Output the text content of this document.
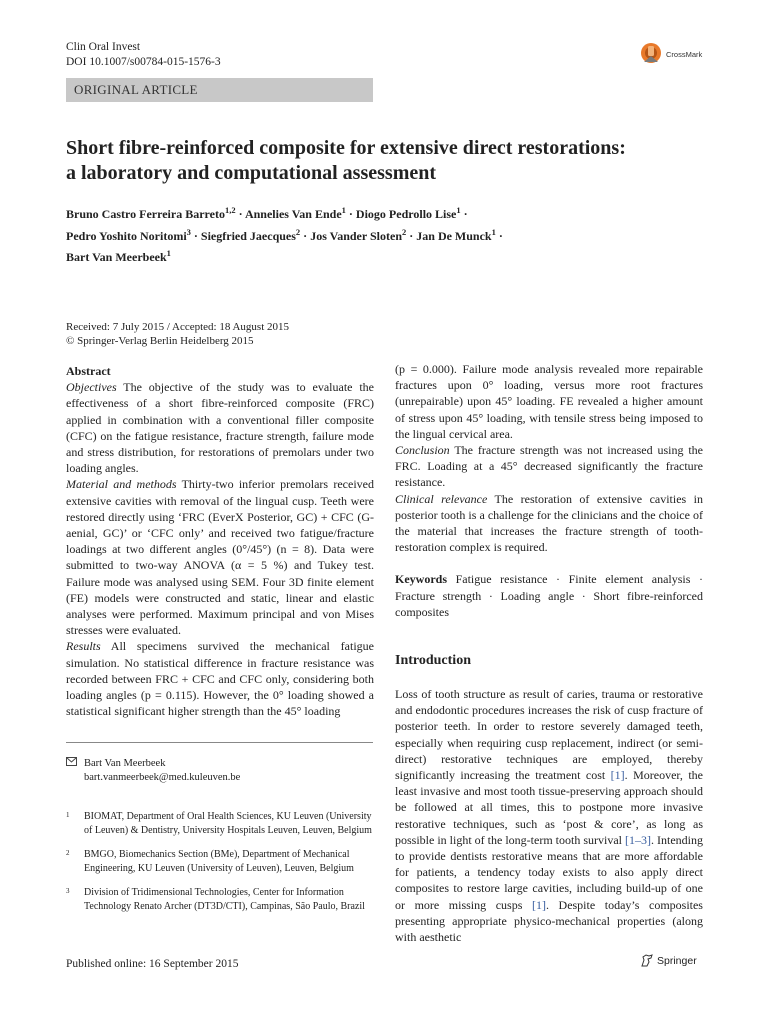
Clin Oral Invest
DOI 10.1007/s00784-015-1576-3
CrossMark
ORIGINAL ARTICLE
Short fibre-reinforced composite for extensive direct restorations:
a laboratory and computational assessment
Bruno Castro Ferreira Barreto$^{1,2}$ · Annelies Van Ende$^1$ · Diogo Pedrollo Lise$^1$ ·
Pedro Yoshito Noritomi$^3$ · Siegfried Jaecques$^2$ · Jos Vander Sloten$^2$ · Jan De Munck$^1$ ·
Bart Van Meerbeek$^1$
Received: 7 July 2015 / Accepted: 18 August 2015
© Springer-Verlag Berlin Heidelberg 2015
Abstract

Objectives The objective of the study was to evaluate the effectiveness of a short fibre-reinforced composite (FRC) applied in combination with a conventional filler composite (CFC) on the fatigue resistance, fracture strength, failure mode and stress distribution, for restorations of premolars under two loading angles.

Material and methods Thirty-two inferior premolars received extensive cavities with removal of the lingual cusp. Teeth were restored directly using ‘FRC (EverX Posterior, GC) + CFC (G-aenial, GC)’ or ‘CFC only’ and received two fatigue/fracture loadings at two different angles (0°/45°) (n = 8). Data were submitted to two-way ANOVA (α = 5 %) and Tukey test. Failure mode was analysed using SEM. Four 3D finite element (FE) models were constructed and static, linear and elastic analyses were performed. Maximum principal and von Mises stresses were evaluated.

Results All specimens survived the mechanical fatigue simulation. No statistical difference in fracture resistance was recorded between FRC + CFC and CFC only, considering both loading angles (p = 0.115). However, the 0° loading showed a statistical significant higher strength than the 45° loading

(p = 0.000). Failure mode analysis revealed more repairable fractures upon 0° loading, versus more root fractures (unrepairable) upon 45° loading. FE revealed a higher amount of stress upon 45° loading, with tensile stress being imposed to the lingual cervical area.

Conclusion The fracture strength was not increased using the FRC. Loading at a 45° decreased significantly the fracture resistance.

Clinical relevance The restoration of extensive cavities in posterior tooth is a challenge for the clinicians and the choice of the material that increases the fracture strength of tooth-restoration complex is required.

Keywords Fatigue resistance · Finite element analysis · Fracture strength · Loading angle · Short fibre-reinforced composites

Introduction
Loss of tooth structure as result of caries, trauma or restorative and endodontic procedures increases the risk of cusp fracture of posterior teeth. In order to restore severely damaged teeth, especially when requiring cusp replacement, indirect (or semi-direct) restorative techniques are employed, thereby significantly increasing the treatment cost [1]. Moreover, the least invasive and most tooth tissue-preserving approach should be followed at all times, this to postpone more invasive restorative techniques, such as ‘post & core’, as long as possible in light of the long-term tooth survival [1–3]. Intending to provide dentists restorative means that are more affordable for patients, a tendency today exists to also apply direct composites to restore large cavities, including build-up of one or more missing cusps [1]. Despite today’s composites presenting appropriate physico-mechanical properties (along with aesthetic
Bart Van Meerbeek
bart.vanmeerbeek@med.kuleuven.be
1	BIOMAT, Department of Oral Health Sciences, KU Leuven (University of Leuven) & Dentistry, University Hospitals Leuven, Leuven, Belgium
2	BMGO, Biomechanics Section (BMe), Department of Mechanical Engineering, KU Leuven (University of Leuven), Leuven, Belgium
3	Division of Tridimensional Technologies, Center for Information Technology Renato Archer (DT3D/CTI), Campinas, São Paulo, Brazil
Published online: 16 September 2015	Springer
